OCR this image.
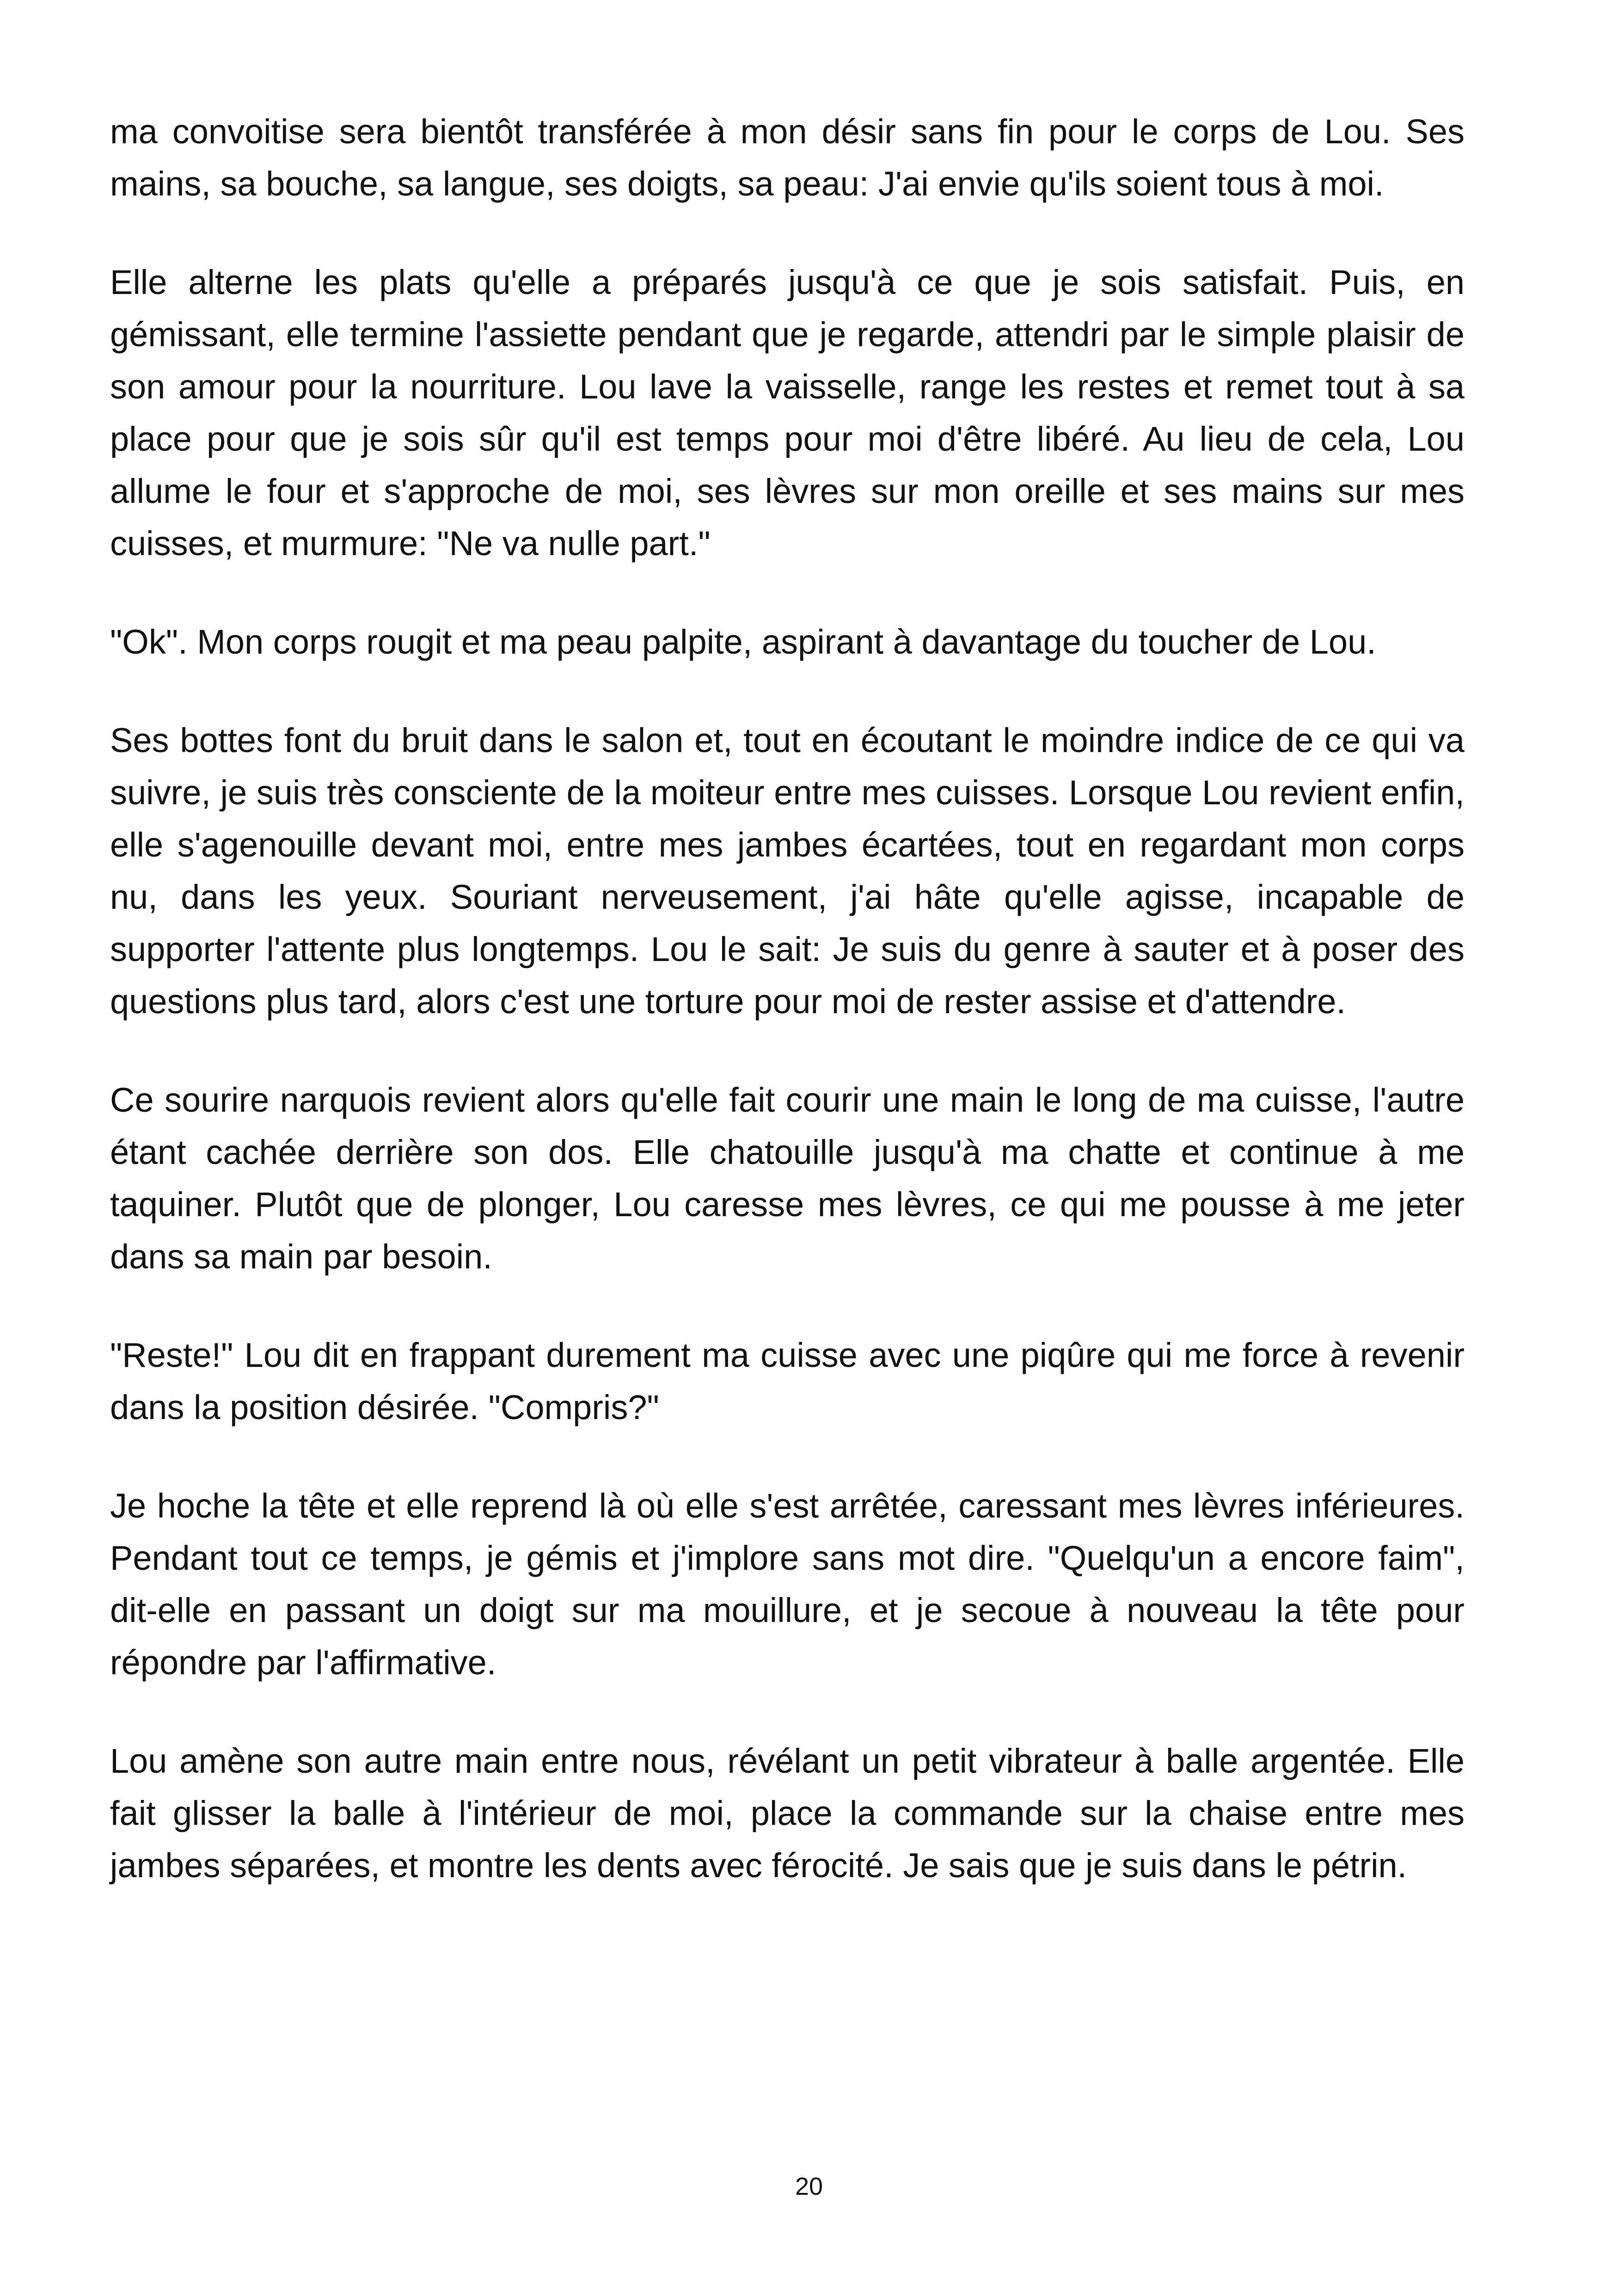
ma convoitise sera bientôt transférée à mon désir sans fin pour le corps de Lou. Ses mains, sa bouche, sa langue, ses doigts, sa peau: J'ai envie qu'ils soient tous à moi.

Elle alterne les plats qu'elle a préparés jusqu'à ce que je sois satisfait. Puis, en gémissant, elle termine l'assiette pendant que je regarde, attendri par le simple plaisir de son amour pour la nourriture. Lou lave la vaisselle, range les restes et remet tout à sa place pour que je sois sûr qu'il est temps pour moi d'être libéré. Au lieu de cela, Lou allume le four et s'approche de moi, ses lèvres sur mon oreille et ses mains sur mes cuisses, et murmure: "Ne va nulle part."

"Ok". Mon corps rougit et ma peau palpite, aspirant à davantage du toucher de Lou.

Ses bottes font du bruit dans le salon et, tout en écoutant le moindre indice de ce qui va suivre, je suis très consciente de la moiteur entre mes cuisses. Lorsque Lou revient enfin, elle s'agenouille devant moi, entre mes jambes écartées, tout en regardant mon corps nu, dans les yeux. Souriant nerveusement, j'ai hâte qu'elle agisse, incapable de supporter l'attente plus longtemps. Lou le sait: Je suis du genre à sauter et à poser des questions plus tard, alors c'est une torture pour moi de rester assise et d'attendre.

Ce sourire narquois revient alors qu'elle fait courir une main le long de ma cuisse, l'autre étant cachée derrière son dos. Elle chatouille jusqu'à ma chatte et continue à me taquiner. Plutôt que de plonger, Lou caresse mes lèvres, ce qui me pousse à me jeter dans sa main par besoin.

"Reste!" Lou dit en frappant durement ma cuisse avec une piqûre qui me force à revenir dans la position désirée. "Compris?"

Je hoche la tête et elle reprend là où elle s'est arrêtée, caressant mes lèvres inférieures. Pendant tout ce temps, je gémis et j'implore sans mot dire. "Quelqu'un a encore faim", dit-elle en passant un doigt sur ma mouillure, et je secoue à nouveau la tête pour répondre par l'affirmative.

Lou amène son autre main entre nous, révélant un petit vibrateur à balle argentée. Elle fait glisser la balle à l'intérieur de moi, place la commande sur la chaise entre mes jambes séparées, et montre les dents avec férocité. Je sais que je suis dans le pétrin.

20
